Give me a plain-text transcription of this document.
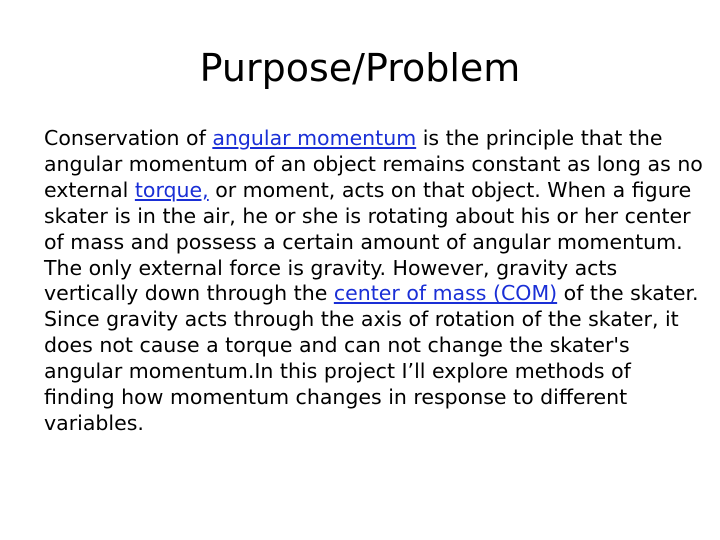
Purpose/Problem

Conservation of angular momentum is the principle that the angular momentum of an object remains constant as long as no external torque, or moment, acts on that object. When a figure skater is in the air, he or she is rotating about his or her center of mass and possess a certain amount of angular momentum. The only external force is gravity. However, gravity acts vertically down through the center of mass (COM) of the skater. Since gravity acts through the axis of rotation of the skater, it does not cause a torque and can not change the skater's angular momentum.In this project I’ll explore methods of finding how momentum changes in response to different variables.
